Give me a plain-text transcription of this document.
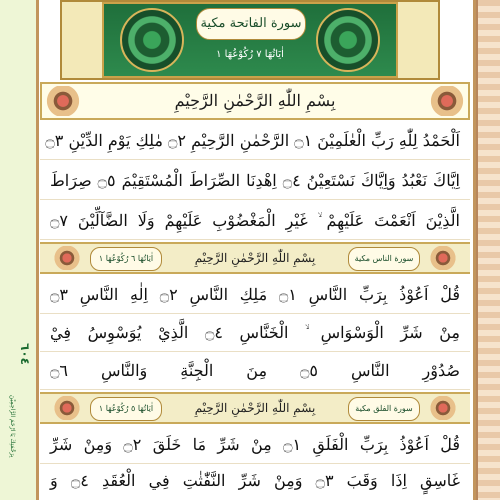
٦٠٤
بِرَحْمَتِكَ يَا اَرْحَمَ الرَّاحِمِيْنَ
سورة الفاتحة مكية
اٰيَاتُهَا ٧ رُكُوْعُهَا ١
بِسْمِ اللّٰهِ الرَّحْمٰنِ الرَّحِيْمِ
اَلْحَمْدُ لِلّٰهِ رَبِّ الْعٰلَمِيْنَ ۝١ الرَّحْمٰنِ الرَّحِيْمِ ۝٢ مٰلِكِ يَوْمِ الدِّيْنِ ۝٣
اِيَّاكَ نَعْبُدُ وَاِيَّاكَ نَسْتَعِيْنُ ۝٤ اِهْدِنَا الصِّرَاطَ الْمُسْتَقِيْمَ ۝٥ صِرَاطَ
الَّذِيْنَ اَنْعَمْتَ عَلَيْهِمْ ۙ غَيْرِ الْمَغْضُوْبِ عَلَيْهِمْ وَلَا الضَّآلِّيْنَ ۝٧
اٰيَاتُهَا ٦ رُكُوْعُهَا ١	بِسْمِ اللّٰهِ الرَّحْمٰنِ الرَّحِيْمِ	سورة الناس مكية
قُلْ اَعُوْذُ بِرَبِّ النَّاسِ ۝١ مَلِكِ النَّاسِ ۝٢ اِلٰهِ النَّاسِ ۝٣
مِنْ شَرِّ الْوَسْوَاسِ ۙ الْخَنَّاسِ ۝٤ الَّذِيْ يُوَسْوِسُ فِيْ
صُدُوْرِ النَّاسِ ۝٥ مِنَ الْجِنَّةِ وَالنَّاسِ ۝٦
اٰيَاتُهَا ٥ رُكُوْعُهَا ١	بِسْمِ اللّٰهِ الرَّحْمٰنِ الرَّحِيْمِ	سورة الفلق مكية
قُلْ اَعُوْذُ بِرَبِّ الْفَلَقِ ۝١ مِنْ شَرِّ مَا خَلَقَ ۝٢ وَمِنْ شَرِّ
غَاسِقٍ اِذَا وَقَبَ ۝٣ وَمِنْ شَرِّ النَّفّٰثٰتِ فِي الْعُقَدِ ۝٤ وَ
